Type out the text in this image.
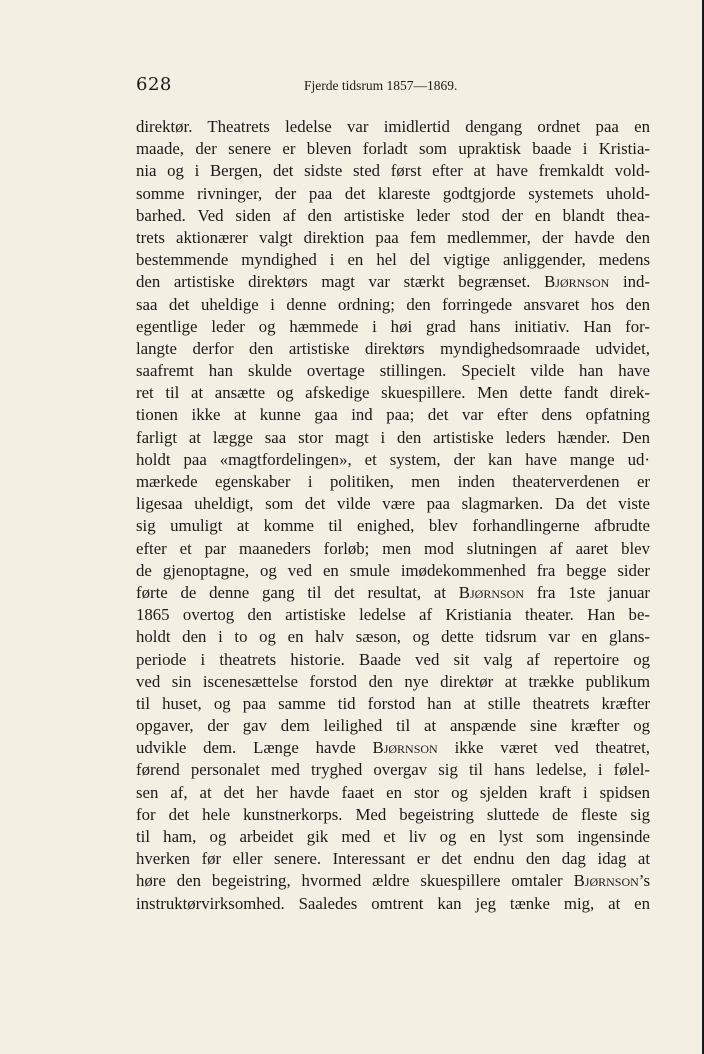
628	Fjerde tidsrum 1857—1869.
direktør. Theatrets ledelse var imidlertid dengang ordnet paa en
maade, der senere er bleven forladt som upraktisk baade i Kristia-
nia og i Bergen, det sidste sted først efter at have fremkaldt vold-
somme rivninger, der paa det klareste godtgjorde systemets uhold-
barhed. Ved siden af den artistiske leder stod der en blandt thea-
trets aktionærer valgt direktion paa fem medlemmer, der havde den
bestemmende myndighed i en hel del vigtige anliggender, medens
den artistiske direktørs magt var stærkt begrænset. Bjørnson ind-
saa det uheldige i denne ordning; den forringede ansvaret hos den
egentlige leder og hæmmede i høi grad hans initiativ. Han for-
langte derfor den artistiske direktørs myndighedsomraade udvidet,
saafremt han skulde overtage stillingen. Specielt vilde han have
ret til at ansætte og afskedige skuespillere. Men dette fandt direk-
tionen ikke at kunne gaa ind paa; det var efter dens opfatning
farligt at lægge saa stor magt i den artistiske leders hænder. Den
holdt paa «magtfordelingen», et system, der kan have mange ud·
mærkede egenskaber i politiken, men inden theaterverdenen er
ligesaa uheldigt, som det vilde være paa slagmarken. Da det viste
sig umuligt at komme til enighed, blev forhandlingerne afbrudte
efter et par maaneders forløb; men mod slutningen af aaret blev
de gjenoptagne, og ved en smule imødekommenhed fra begge sider
førte de denne gang til det resultat, at Bjørnson fra 1ste januar
1865 overtog den artistiske ledelse af Kristiania theater. Han be-
holdt den i to og en halv sæson, og dette tidsrum var en glans-
periode i theatrets historie. Baade ved sit valg af repertoire og
ved sin iscenesættelse forstod den nye direktør at trække publikum
til huset, og paa samme tid forstod han at stille theatrets kræfter
opgaver, der gav dem leilighed til at anspænde sine kræfter og
udvikle dem. Længe havde Bjørnson ikke været ved theatret,
førend personalet med tryghed overgav sig til hans ledelse, i følel-
sen af, at det her havde faaet en stor og sjelden kraft i spidsen
for det hele kunstnerkorps. Med begeistring sluttede de fleste sig
til ham, og arbeidet gik med et liv og en lyst som ingensinde
hverken før eller senere. Interessant er det endnu den dag idag at
høre den begeistring, hvormed ældre skuespillere omtaler Bjørnson’s
instruktørvirksomhed. Saaledes omtrent kan jeg tænke mig, at en
